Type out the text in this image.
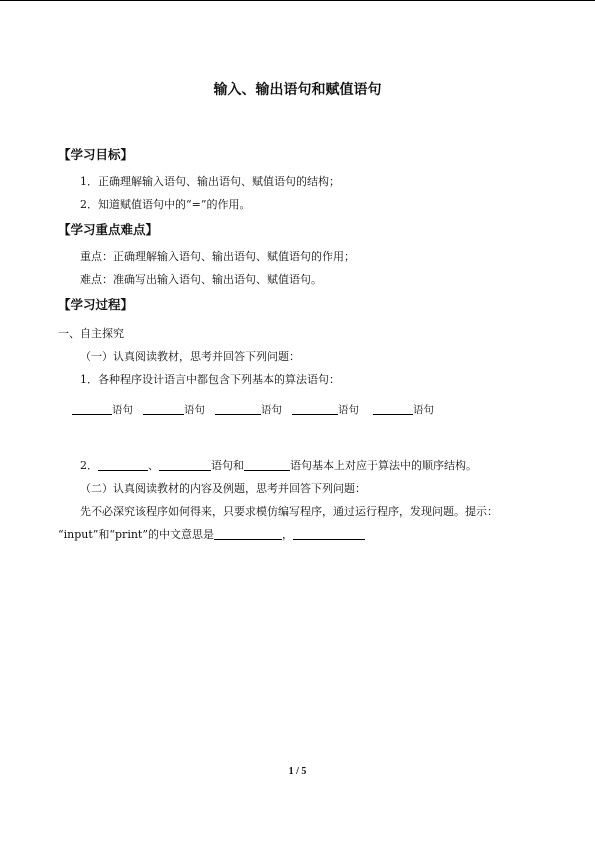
输入、输出语句和赋值语句
【学习目标】
1．正确理解输入语句、输出语句、赋值语句的结构；
2．知道赋值语句中的“=”的作用。
【学习重点难点】
重点：正确理解输入语句、输出语句、赋值语句的作用；
难点：准确写出输入语句、输出语句、赋值语句。
【学习过程】
一、自主探究
（一）认真阅读教材，思考并回答下列问题：
1．各种程序设计语言中都包含下列基本的算法语句：
语句	语句	语句	语句	语句
2．	、	语句和	语句基本上对应于算法中的顺序结构。
（二）认真阅读教材的内容及例题，思考并回答下列问题：
先不必深究该程序如何得来，只要求模仿编写程序，通过运行程序，发现问题。提示：
“input”和“print”的中文意思是	，
1 / 5
